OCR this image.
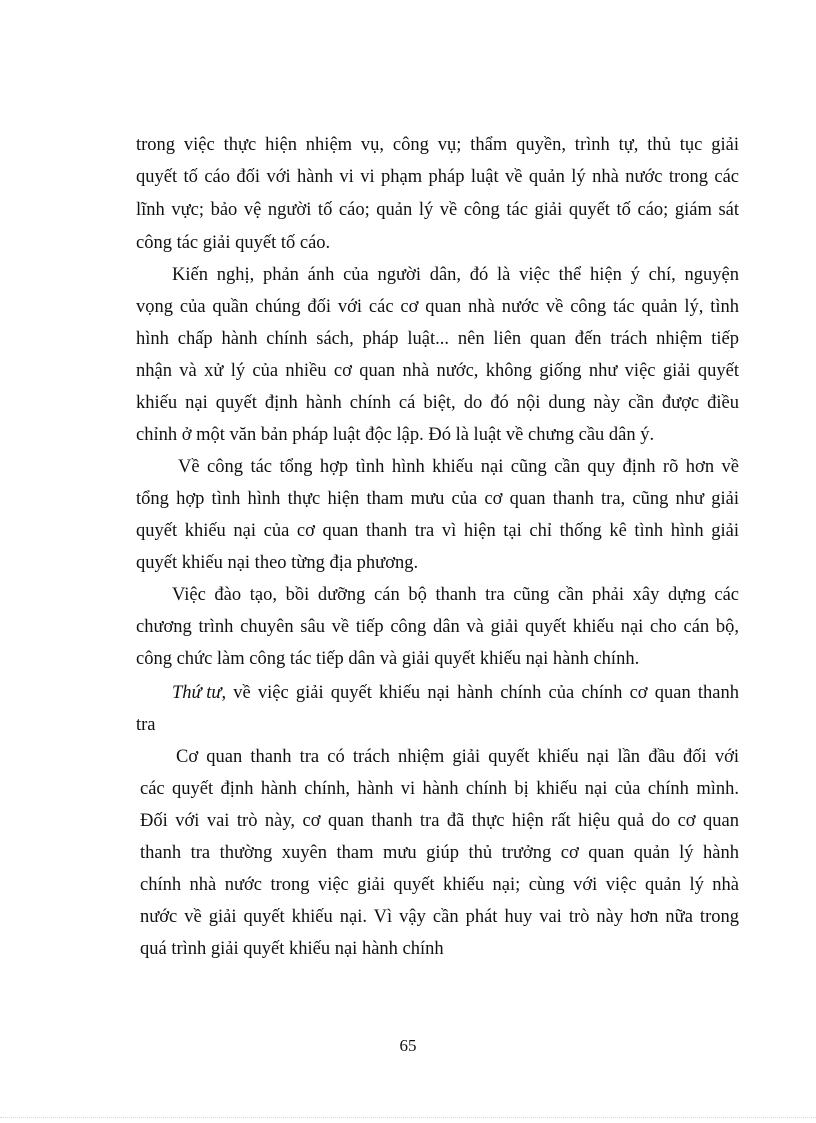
trong việc thực hiện nhiệm vụ, công vụ; thẩm quyền, trình tự, thủ tục giải
quyết tố cáo đối với hành vi vi phạm pháp luật về quản lý nhà nước trong các
lĩnh vực; bảo vệ người tố cáo; quản lý về công tác giải quyết tố cáo; giám sát
công tác giải quyết tố cáo.
Kiến nghị, phản ánh của người dân, đó là việc thể hiện ý chí, nguyện
vọng của quần chúng đối với các cơ quan nhà nước về công tác quản lý, tình
hình chấp hành chính sách, pháp luật... nên liên quan đến trách nhiệm tiếp
nhận và xử lý của nhiều cơ quan nhà nước, không giống như việc giải quyết
khiếu nại quyết định hành chính cá biệt, do đó nội dung này cần được điều
chỉnh ở một văn bản pháp luật độc lập. Đó là luật về chưng cầu dân ý.
Về công tác tổng hợp tình hình khiếu nại cũng cần quy định rõ hơn về
tổng hợp tình hình thực hiện tham mưu của cơ quan thanh tra, cũng như giải
quyết khiếu nại của cơ quan thanh tra vì hiện tại chỉ thống kê tình hình giải
quyết khiếu nại theo từng địa phương.
Việc đào tạo, bồi dưỡng cán bộ thanh tra cũng cần phải xây dựng các
chương trình chuyên sâu về tiếp công dân và giải quyết khiếu nại cho cán bộ,
công chức làm công tác tiếp dân và giải quyết khiếu nại hành chính.
Thứ tư , về việc giải quyết khiếu nại hành chính của chính cơ quan thanh
tra
Cơ quan thanh tra có trách nhiệm giải quyết khiếu nại lần đầu đối với
các quyết định hành chính, hành vi hành chính bị khiếu nại của chính mình.
Đối với vai trò này, cơ quan thanh tra đã thực hiện rất hiệu quả do cơ quan
thanh tra thường xuyên tham mưu giúp thủ trưởng cơ quan quản lý hành
chính nhà nước trong việc giải quyết khiếu nại; cùng với việc quản lý nhà
nước về giải quyết khiếu nại. Vì vậy cần phát huy vai trò này hơn nữa trong
quá trình giải quyết khiếu nại hành chính
65
